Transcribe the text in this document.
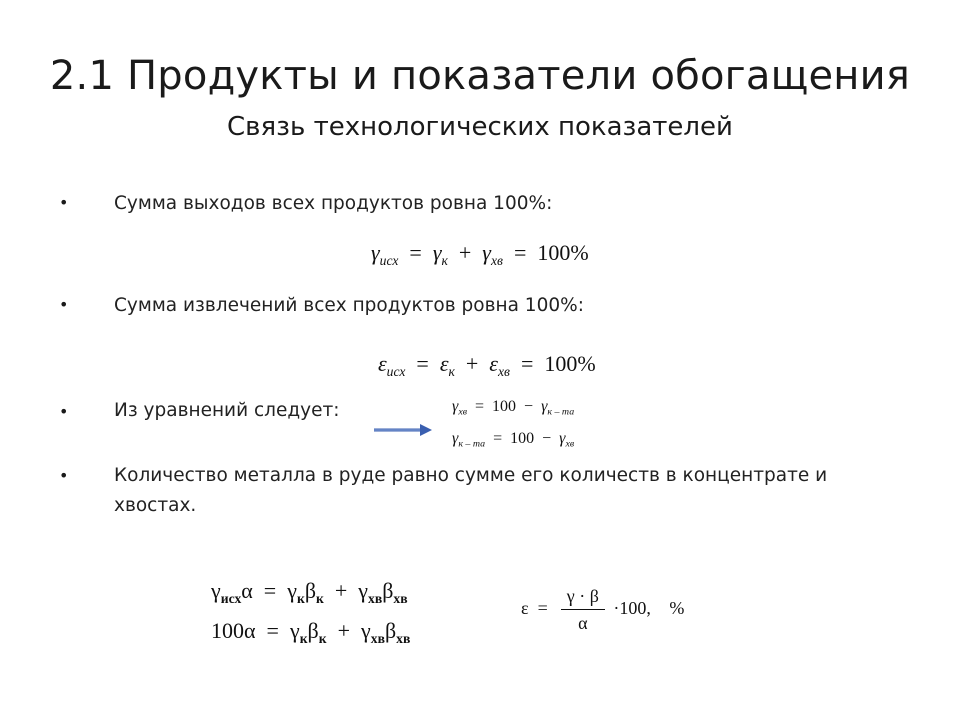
2.1 Продукты и показатели обогащения
Связь технологических показателей
• Сумма выходов всех продуктов ровна 100%:
$\gamma_{исх} = \gamma_к + \gamma_{хв} = 100\%$
• Сумма извлечений всех продуктов ровна 100%:
$\varepsilon_{исх} = \varepsilon_к + \varepsilon_{хв} = 100\%$
• Из уравнений следует:	$\gamma_{хв} = 100 - \gamma_{к - та}$
$\gamma_{к - та} = 100 - \gamma_{хв}$
• Количество металла в руде равно сумме его количеств в концентрате и хвостах.
$\gamma_{исх}\alpha = \gamma_к\beta_к + \gamma_{хв}\beta_{хв}$
$100\alpha = \gamma_к\beta_к + \gamma_{хв}\beta_{хв}$
$\varepsilon = \frac{\gamma \cdot \beta}{\alpha} \cdot 100$, %
